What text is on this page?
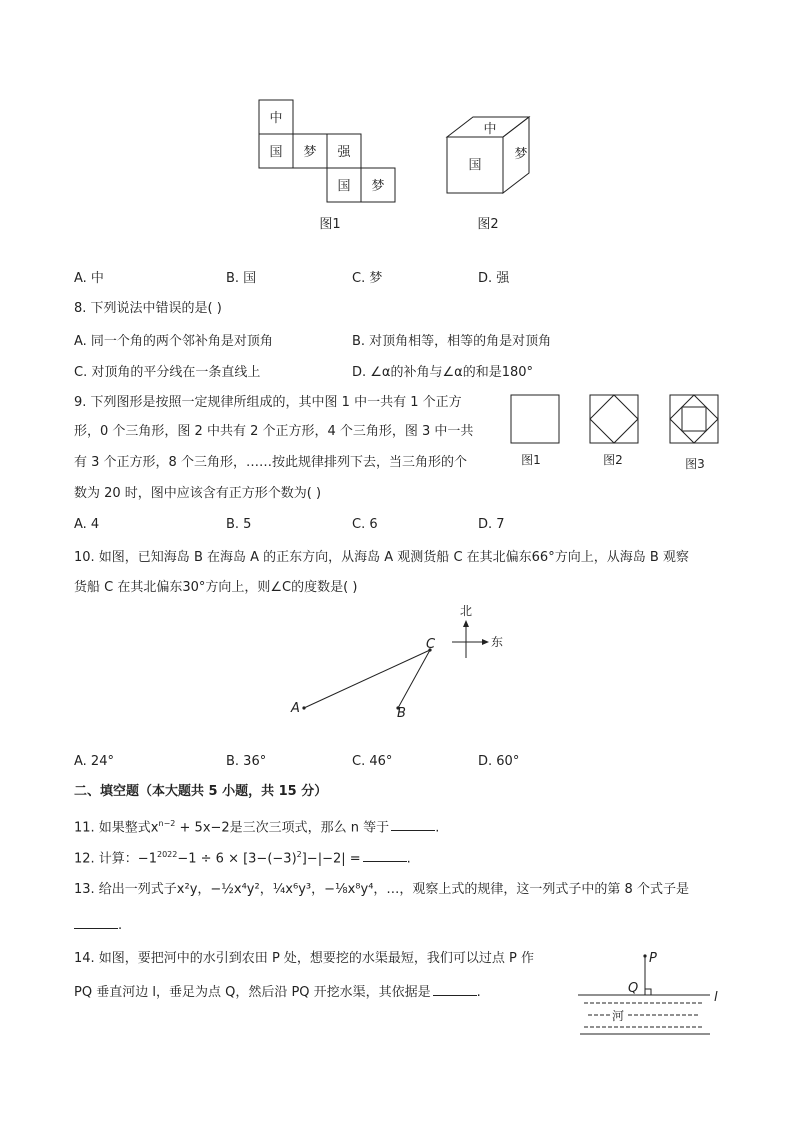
中
国 梦 强
国 梦
中
国
梦
图1	图2
A. 中	B. 国	C. 梦	D. 强
8. 下列说法中错误的是( )
A. 同一个角的两个邻补角是对顶角	B. 对顶角相等，相等的角是对顶角
C. 对顶角的平分线在一条直线上	D. ∠α的补角与∠α的和是180°
9. 下列图形是按照一定规律所组成的，其中图 1 中一共有 1 个正方
形，0 个三角形，图 2 中共有 2 个正方形，4 个三角形，图 3 中一共
有 3 个正方形，8 个三角形，……按此规律排列下去，当三角形的个
数为 20 时，图中应该含有正方形个数为( )
图1	图2	图3
A. 4	B. 5	C. 6	D. 7
10. 如图，已知海岛 B 在海岛 A 的正东方向，从海岛 A 观测货船 C 在其北偏东66°方向上，从海岛 B 观察
货船 C 在其北偏东30°方向上，则∠C的度数是( )
A	B
C
北
东
A. 24°	B. 36°	C. 46°	D. 60°
二、填空题（本大题共 5 小题，共 15 分）
11. 如果整式$x^{n-2} + 5x-2$是三次三项式，那么 n 等于	.
12. 计算：$-1^{2022}-1 \div 6 \times [3-(-3)^2]-|-2|$ =	.
13. 给出一列式子x²y，−½x⁴y²，¼x⁶y³，−⅛x⁸y⁴，…，观察上式的规律，这一列式子中的第 8 个式子是
.
14. 如图，要把河中的水引到农田 P 处，想要挖的水渠最短，我们可以过点 P 作
PQ 垂直河边 l，垂足为点 Q，然后沿 PQ 开挖水渠，其依据是	.
P
Q
l
河
